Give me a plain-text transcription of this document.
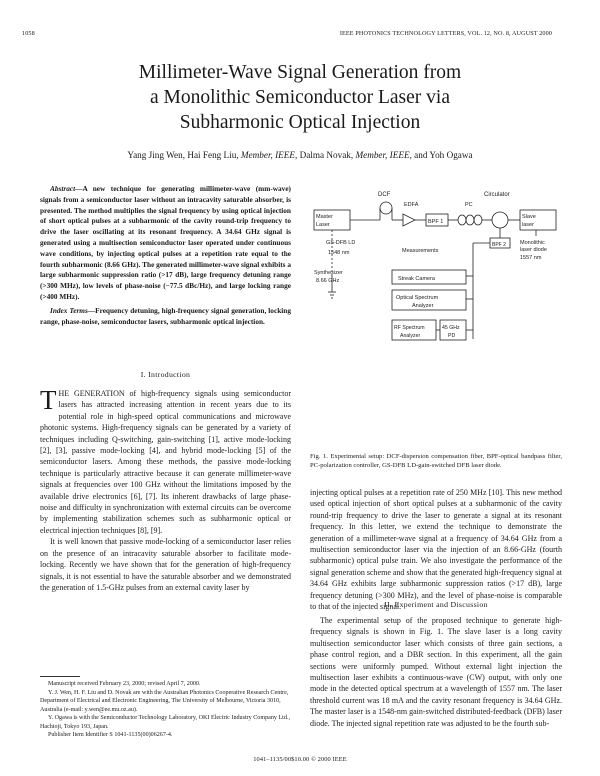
1058	IEEE PHOTONICS TECHNOLOGY LETTERS, VOL. 12, NO. 8, AUGUST 2000
Millimeter-Wave Signal Generation from
a Monolithic Semiconductor Laser via
Subharmonic Optical Injection
Yang Jing Wen, Hai Feng Liu, Member, IEEE, Dalma Novak, Member, IEEE, and Yoh Ogawa
Abstract—A new technique for generating millimeter-wave (mm-wave) signals from a semiconductor laser without an intracavity saturable absorber, is presented. The method multiplies the signal frequency by using optical injection of short optical pulses at a subharmonic of the cavity round-trip frequency to drive the laser oscillating at its resonant frequency. A 34.64 GHz signal is generated using a multisection semiconductor laser operated under continuous wave conditions, by injecting optical pulses at a repetition rate equal to the fourth subharmonic (8.66 GHz). The generated millimeter-wave signal exhibits a large subharmonic suppression ratio (>17 dB), large frequency detuning range (>300 MHz), low levels of phase-noise (−77.5 dBc/Hz), and large locking range (>400 MHz).
Index Terms—Frequency detuning, high-frequency signal generation, locking range, phase-noise, semiconductor lasers, subharmonic optical injection.
I. Introduction

THE GENERATION of high-frequency signals using semiconductor lasers has attracted increasing attention in recent years due to its potential role in high-speed optical communications and microwave photonic systems. High-frequency signals can be generated by a variety of techniques including Q-switching, gain-switching [1], active mode-locking [2], [3], passive mode-locking [4], and hybrid mode-locking [5] of the semiconductor lasers. Among these methods, the passive mode-locking technique is particularly attractive because it can generate millimeter-wave signals at frequencies over 100 GHz without the limitations imposed by the available drive electronics [6], [7]. Its inherent drawbacks of large phase-noise and difficulty in synchronization with external circuits can be overcome by implementing stabilization schemes such as subharmonic optical or electrical injection techniques [8], [9].

It is well known that passive mode-locking of a semiconductor laser relies on the presence of an intracavity saturable absorber to facilitate mode-locking. Recently we have shown that for the generation of high-frequency signals, it is not essential to have the saturable absorber and we demonstrated the generation of 1.5-GHz pulses from an external cavity laser by

Manuscript received February 23, 2000; revised April 7, 2000.

Y. J. Wen, H. F. Liu and D. Novak are with the Australian Photonics Cooperative Research Centre, Department of Electrical and Electronic Engineering, The University of Melbourne, Victoria 3010, Australia (e-mail: y.wen@ee.mu.oz.au).

Y. Ogawa is with the Semiconductor Technology Laboratory, OKI Electric Industry Company Ltd., Hachioji, Tokyo 193, Japan.

Publisher Item Identifier S 1041-1135(00)06267-4.

Master
Laser
DCF
EDFA
BPF 1
PC
Circulator
Slave
laser
GS-DFB LD
1548 nm	Measurements
BPF 2	Monolithic
laser diode
1557 nm
Synthesizer
8.66 GHz	Streak Camera
Optical Spectrum
Analyzer
RF Spectrum
Analyzer
45 GHz
PD
Fig. 1. Experimental setup: DCF-dispersion compensation fiber, BPF-optical bandpass filter, PC-polarization controller, GS-DFB LD-gain-switched DFB laser diode.

injecting optical pulses at a repetition rate of 250 MHz [10]. This new method used optical injection of short optical pulses at a subharmonic of the cavity round-trip frequency to drive the laser to generate a signal at its resonant frequency. In this letter, we extend the technique to demonstrate the generation of a millimeter-wave signal at a frequency of 34.64 GHz from a multisection semiconductor laser via the injection of an 8.66-GHz (fourth subharmonic) optical pulse train. We also investigate the performance of the signal generation scheme and show that the generated high-frequency signal at 34.64 GHz exhibits large subharmonic suppression ratios (>17 dB), large frequency detuning (>300 MHz), and the level of phase-noise is comparable to that of the injected signal.

II. Experiment and Discussion

The experimental setup of the proposed technique to generate high-frequency signals is shown in Fig. 1. The slave laser is a long cavity multisection semiconductor laser which consists of three gain sections, a phase control region, and a DBR section. In this experiment, all the gain sections were uniformly pumped. Without external light injection the multisection laser exhibits a continuous-wave (CW) output, with only one mode in the detected optical spectrum at a wavelength of 1557 nm. The laser threshold current was 18 mA and the cavity resonant frequency is 34.64 GHz. The master laser is a 1548-nm gain-switched distributed-feedback (DFB) laser diode. The injected signal repetition rate was adjusted to be the fourth sub-

1041–1135/00$10.00 © 2000 IEEE
